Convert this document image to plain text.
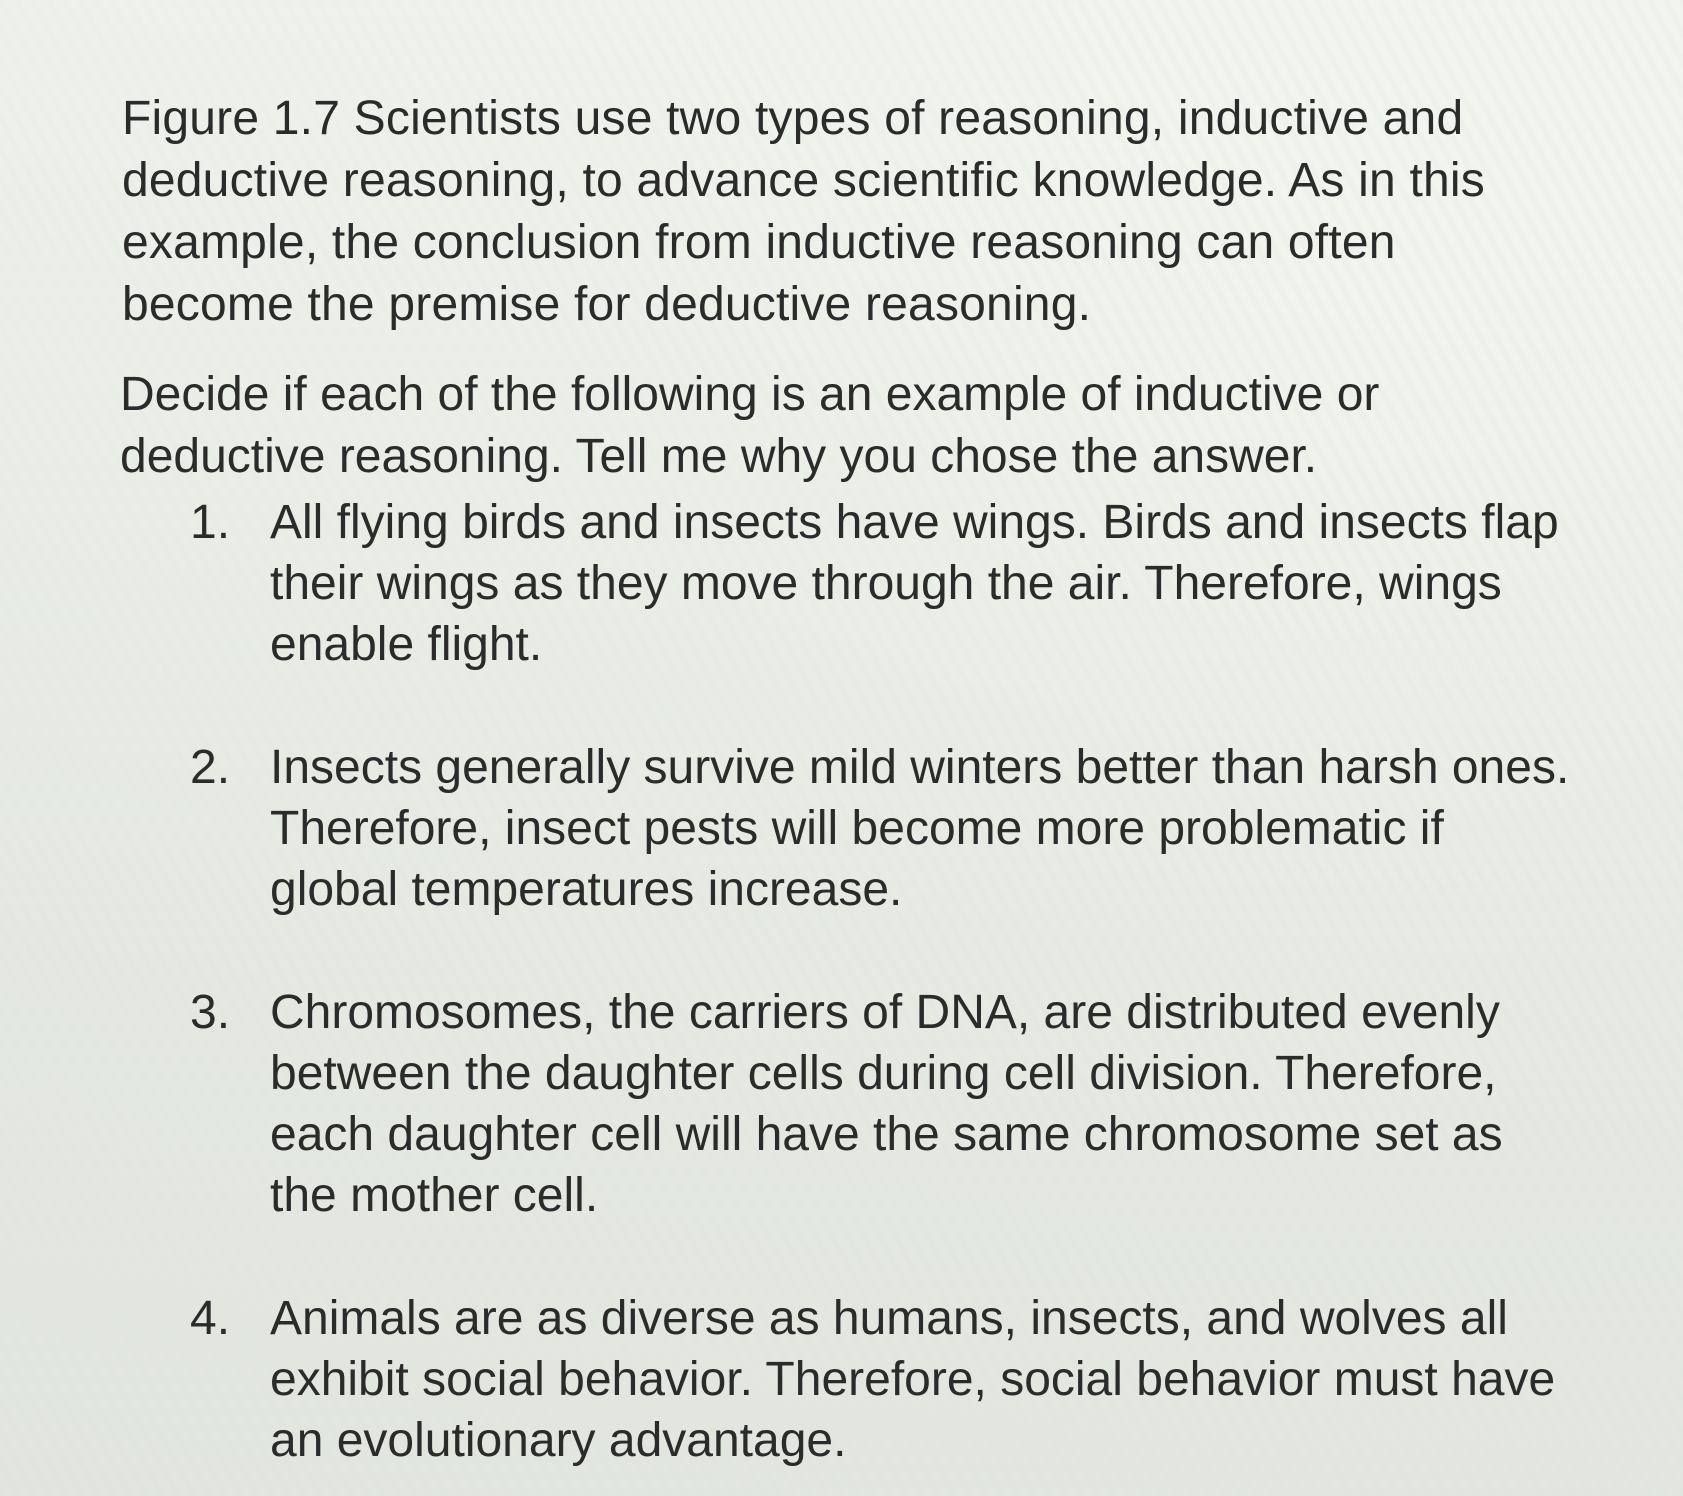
Figure 1.7 Scientists use two types of reasoning, inductive and deductive reasoning, to advance scientific knowledge. As in this example, the conclusion from inductive reasoning can often become the premise for deductive reasoning.

Decide if each of the following is an example of inductive or deductive reasoning. Tell me why you chose the answer.

1. All flying birds and insects have wings. Birds and insects flap their wings as they move through the air. Therefore, wings enable flight.
2. Insects generally survive mild winters better than harsh ones. Therefore, insect pests will become more problematic if global temperatures increase.
3. Chromosomes, the carriers of DNA, are distributed evenly between the daughter cells during cell division. Therefore, each daughter cell will have the same chromosome set as the mother cell.
4. Animals are as diverse as humans, insects, and wolves all exhibit social behavior. Therefore, social behavior must have an evolutionary advantage.
